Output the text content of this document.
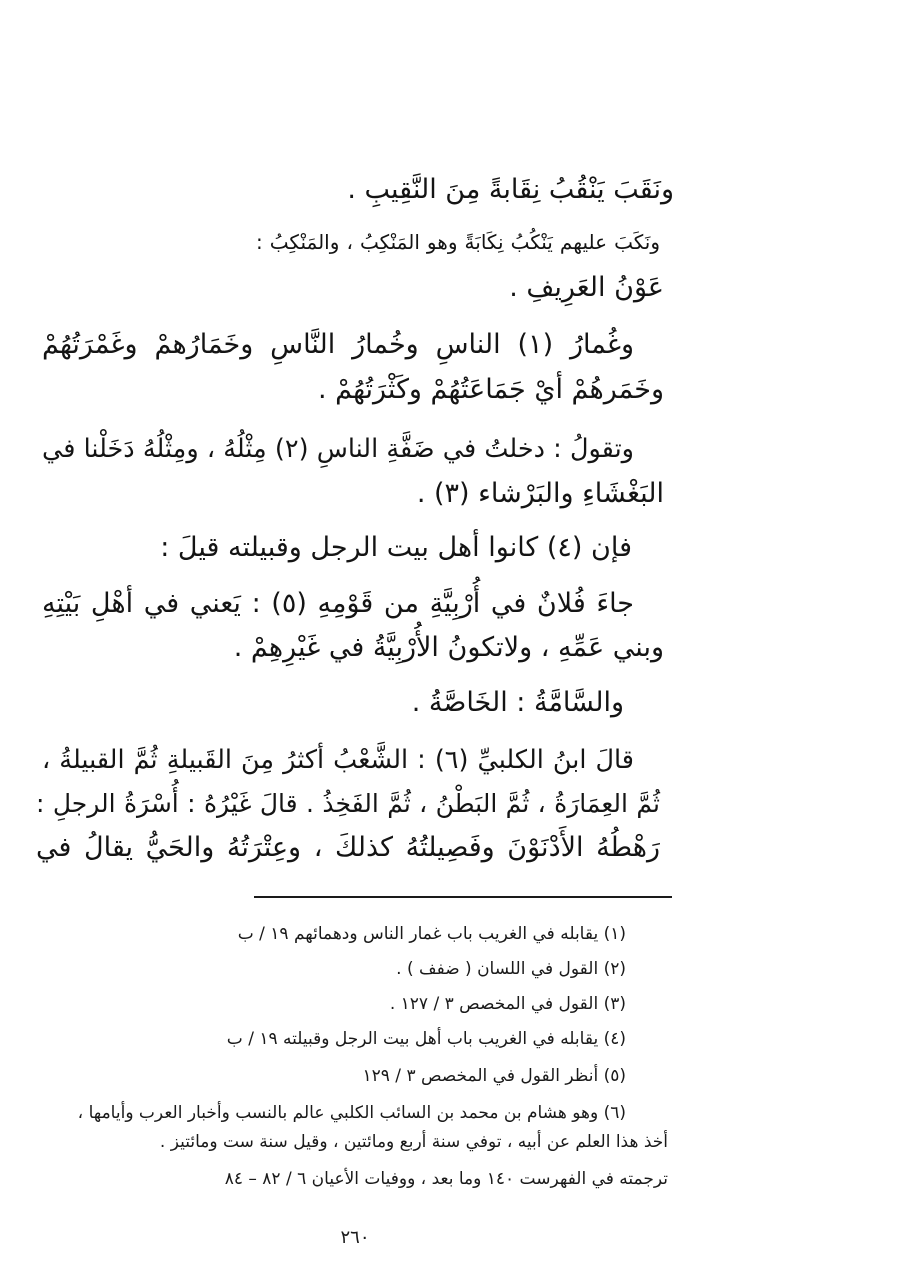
ونَقَبَ يَنْقُبُ نِقَابةً مِنَ النَّقِيبِ .
ونَكَبَ عليهم يَنْكُبُ نِكَابَةً وهو المَنْكِبُ ، والمَنْكِبُ :
عَوْنُ العَرِيفِ .
وغُمارُ (١) الناسِ وخُمارُ النَّاسِ وخَمَارُهمْ وغَمْرَتُهُمْ
وخَمَرهُمْ أيْ جَمَاعَتُهُمْ وكَثْرَتُهُمْ .
وتقولُ : دخلتُ في ضَفَّةِ الناسِ (٢) مِثْلُهُ ، ومِثْلُهُ دَخَلْنا في
البَغْشَاءِ والبَرْشاء (٣) .
فإن (٤) كانوا أهل بيت الرجل وقبيلته قيلَ :
جاءَ فُلانٌ في أُرْبِيَّةِ من قَوْمِهِ (٥) : يَعني في أهْلِ بَيْتِهِ
وبني عَمِّهِ ، ولاتكونُ الأُرْبِيَّةُ في غَيْرِهِمْ .
والسَّامَّةُ : الخَاصَّةُ .
قالَ ابنُ الكلبيِّ (٦) : الشَّعْبُ أكثرُ مِنَ القَبيلةِ ثُمَّ القبيلةُ ،
ثُمَّ العِمَارَةُ ، ثُمَّ البَطْنُ ، ثُمَّ الفَخِذُ . قالَ غَيْرُهُ : أُسْرَةُ الرجلِ :
رَهْطُهُ الأَدْنَوْنَ وفَصِيلتُهُ كذلكَ ، وعِتْرَتُهُ والحَيُّ يقالُ في
(١) يقابله في الغريب باب غمار الناس ودهمائهم ١٩ / ب
(٢) القول في اللسان ( ضفف ) .
(٣) القول في المخصص ٣ / ١٢٧ .
(٤) يقابله في الغريب باب أهل بيت الرجل وقبيلته ١٩ / ب
(٥) أنظر القول في المخصص ٣ / ١٢٩
(٦) وهو هشام بن محمد بن السائب الكلبي عالم بالنسب وأخبار العرب وأيامها ،
أخذ هذا العلم عن أبيه ، توفي سنة أربع ومائتين ، وقيل سنة ست ومائتيز .
ترجمته في الفهرست ١٤٠ وما بعد ، ووفيات الأعيان ٦ / ٨٢ – ٨٤
٢٦٠
